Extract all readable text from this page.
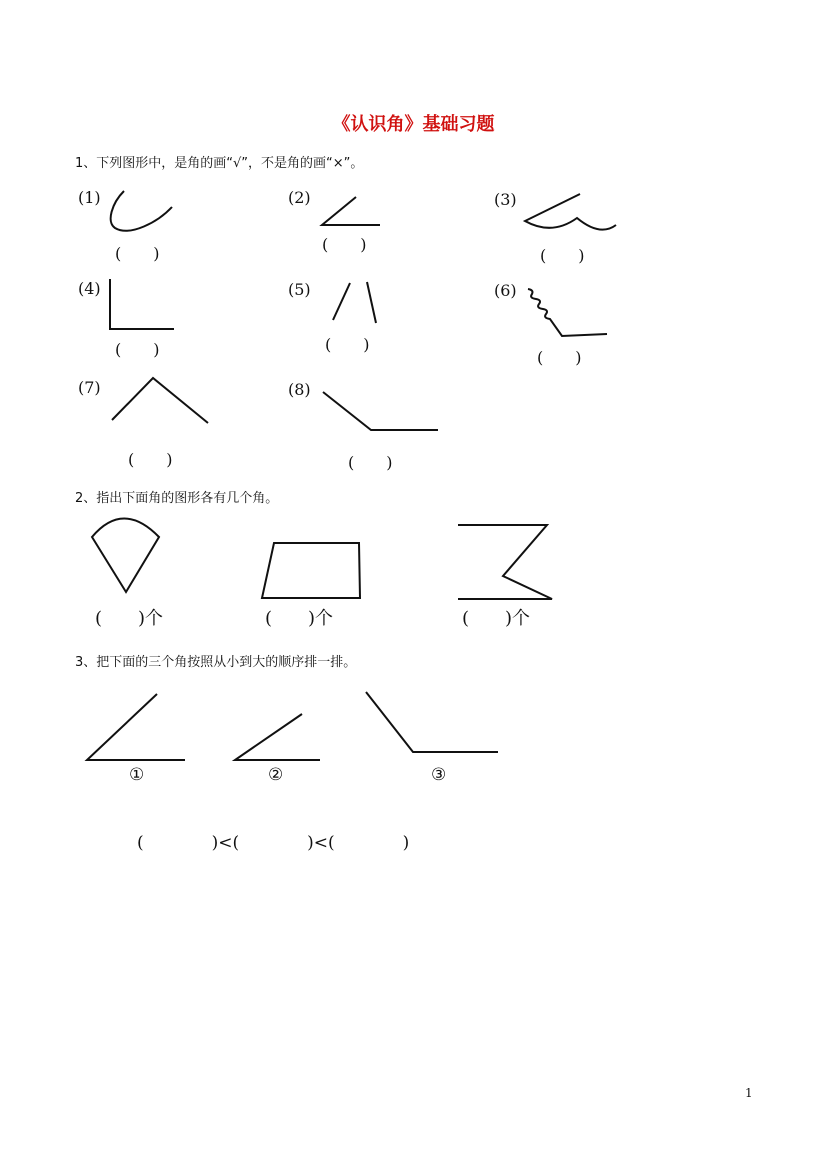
《认识角》基础习题
1、下列图形中，是角的画“√”，不是角的画“×”。
(1)	(2)	(3)
(4)	(5)	(6)
(7)	(8)
(　　)	(　　)
(　　)
(　　)	(　　)
(　　)
(　　)	(　　)
2、指出下面角的图形各有几个角。
(　　)个	(　　)个	(　　)个
3、把下面的三个角按照从小到大的顺序排一排。
①	②	③
(　　　　)<(　　　　)<(　　　　)
1
